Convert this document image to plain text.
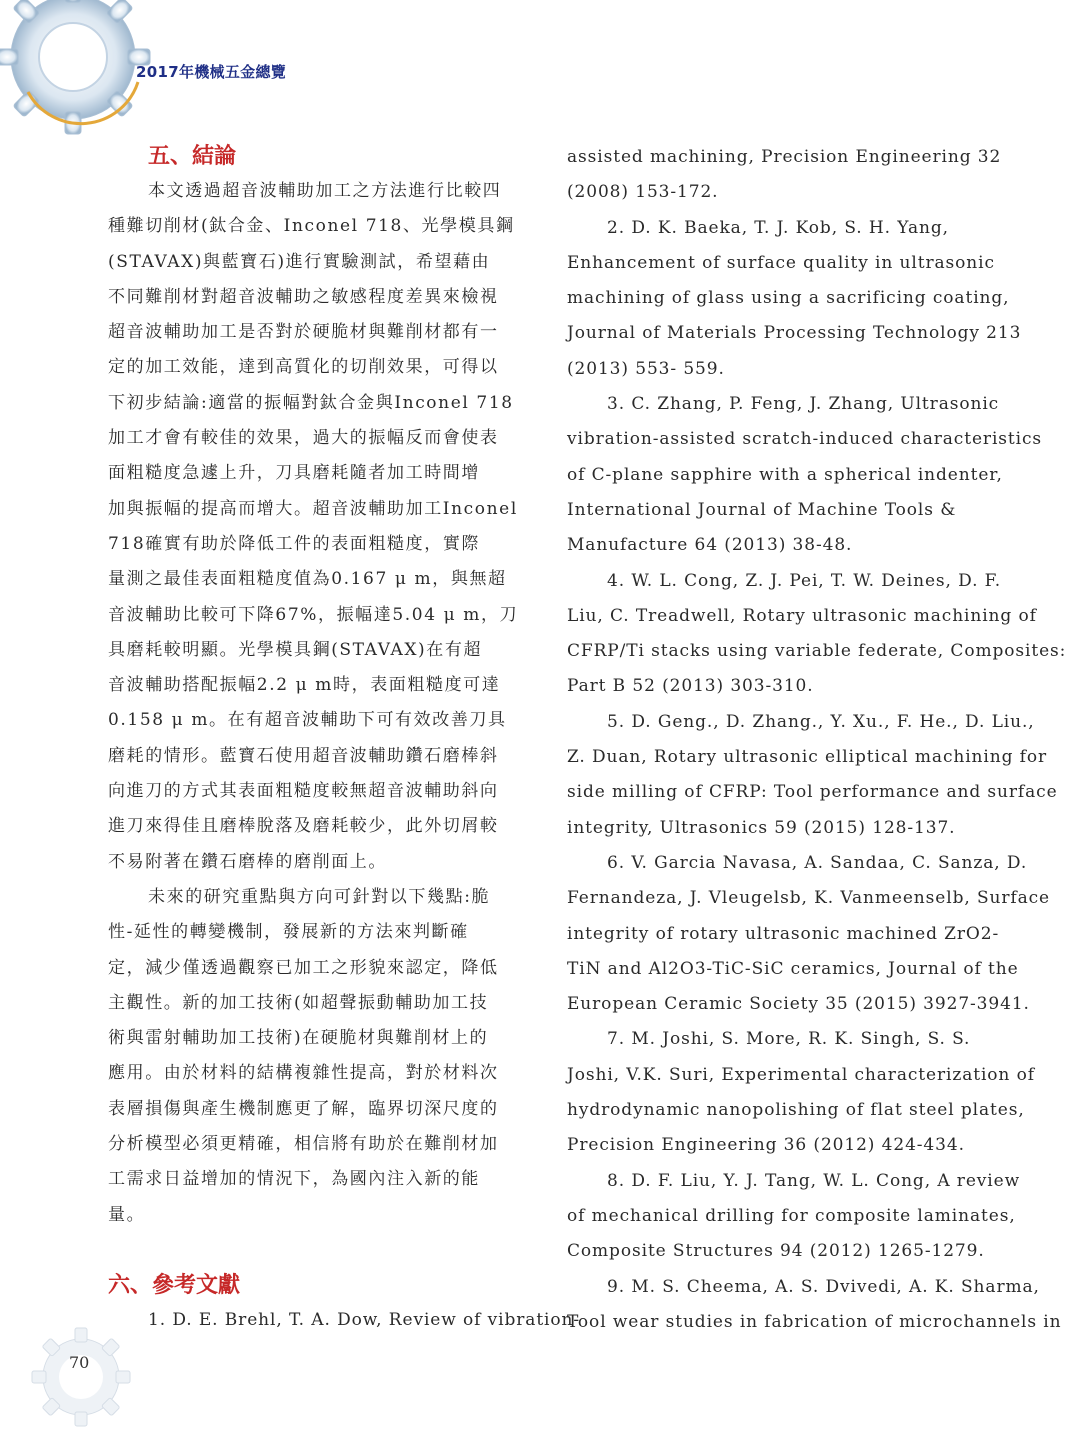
2017年機械五金總覽
70
五、結論
本文透過超音波輔助加工之方法進行比較四
種難切削材(鈦合金、Inconel 718、光學模具鋼
(STAVAX)與藍寶石)進行實驗測試，希望藉由
不同難削材對超音波輔助之敏感程度差異來檢視
超音波輔助加工是否對於硬脆材與難削材都有一
定的加工效能，達到高質化的切削效果，可得以
下初步結論:適當的振幅對鈦合金與Inconel 718
加工才會有較佳的效果，過大的振幅反而會使表
面粗糙度急遽上升，刀具磨耗隨者加工時間增
加與振幅的提高而增大。超音波輔助加工Inconel
718確實有助於降低工件的表面粗糙度，實際
量測之最佳表面粗糙度值為0.167 μ m，與無超
音波輔助比較可下降67%，振幅達5.04 μ m，刀
具磨耗較明顯。光學模具鋼(STAVAX)在有超
音波輔助搭配振幅2.2 μ m時，表面粗糙度可達
0.158 μ m。在有超音波輔助下可有效改善刀具
磨耗的情形。藍寶石使用超音波輔助鑽石磨棒斜
向進刀的方式其表面粗糙度較無超音波輔助斜向
進刀來得佳且磨棒脫落及磨耗較少，此外切屑較
不易附著在鑽石磨棒的磨削面上。
未來的研究重點與方向可針對以下幾點:脆
性-延性的轉變機制，發展新的方法來判斷確
定，減少僅透過觀察已加工之形貌來認定，降低
主觀性。新的加工技術(如超聲振動輔助加工技
術與雷射輔助加工技術)在硬脆材與難削材上的
應用。由於材料的結構複雜性提高，對於材料次
表層損傷與產生機制應更了解，臨界切深尺度的
分析模型必須更精確，相信將有助於在難削材加
工需求日益增加的情況下，為國內注入新的能
量。
六、參考文獻
1. D. E. Brehl, T. A. Dow, Review of vibration-
assisted machining, Precision Engineering 32
(2008) 153-172.
2. D. K. Baeka, T. J. Kob, S. H. Yang,
Enhancement of surface quality in ultrasonic
machining of glass using a sacrificing coating,
Journal of Materials Processing Technology 213
(2013) 553- 559.
3. C. Zhang, P. Feng, J. Zhang, Ultrasonic
vibration-assisted scratch-induced characteristics
of C-plane sapphire with a spherical indenter,
International Journal of Machine Tools &
Manufacture 64 (2013) 38-48.
4. W. L. Cong, Z. J. Pei, T. W. Deines, D. F.
Liu, C. Treadwell, Rotary ultrasonic machining of
CFRP/Ti stacks using variable federate, Composites:
Part B 52 (2013) 303-310.
5. D. Geng., D. Zhang., Y. Xu., F. He., D. Liu.,
Z. Duan, Rotary ultrasonic elliptical machining for
side milling of CFRP: Tool performance and surface
integrity, Ultrasonics 59 (2015) 128-137.
6. V. Garcia Navasa, A. Sandaa, C. Sanza, D.
Fernandeza, J. Vleugelsb, K. Vanmeenselb, Surface
integrity of rotary ultrasonic machined ZrO2-
TiN and Al2O3-TiC-SiC ceramics, Journal of the
European Ceramic Society 35 (2015) 3927-3941.
7. M. Joshi, S. More, R. K. Singh, S. S.
Joshi, V.K. Suri, Experimental characterization of
hydrodynamic nanopolishing of flat steel plates,
Precision Engineering 36 (2012) 424-434.
8. D. F. Liu, Y. J. Tang, W. L. Cong, A review
of mechanical drilling for composite laminates,
Composite Structures 94 (2012) 1265-1279.
9. M. S. Cheema, A. S. Dvivedi, A. K. Sharma,
Tool wear studies in fabrication of microchannels in
